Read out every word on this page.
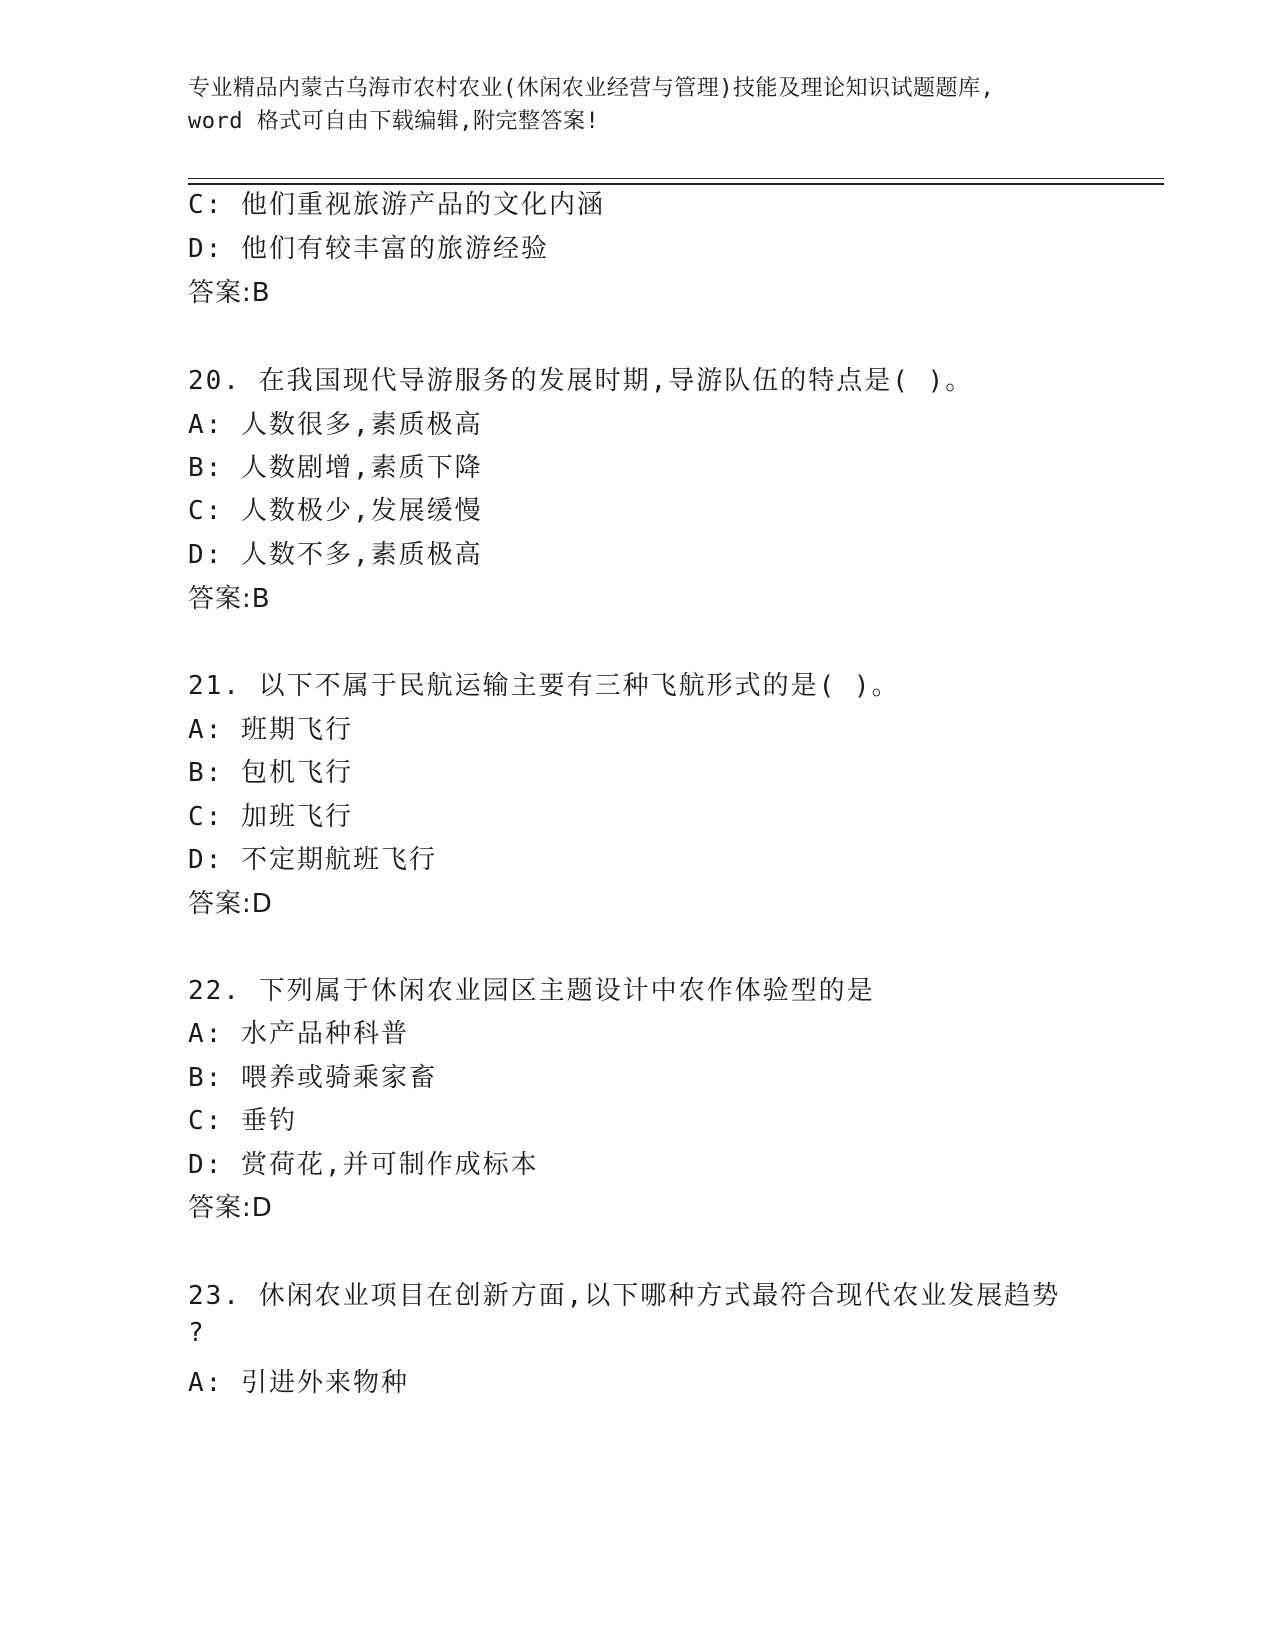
专业精品内蒙古乌海市农村农业(休闲农业经营与管理)技能及理论知识试题题库,
word 格式可自由下载编辑,附完整答案!
C: 他们重视旅游产品的文化内涵
D: 他们有较丰富的旅游经验
答案:B
20. 在我国现代导游服务的发展时期,导游队伍的特点是( )。
A: 人数很多,素质极高
B: 人数剧增,素质下降
C: 人数极少,发展缓慢
D: 人数不多,素质极高
答案:B
21. 以下不属于民航运输主要有三种飞航形式的是( )。
A: 班期飞行
B: 包机飞行
C: 加班飞行
D: 不定期航班飞行
答案:D
22. 下列属于休闲农业园区主题设计中农作体验型的是
A: 水产品种科普
B: 喂养或骑乘家畜
C: 垂钓
D: 赏荷花,并可制作成标本
答案:D
23. 休闲农业项目在创新方面,以下哪种方式最符合现代农业发展趋势
?
A: 引进外来物种
